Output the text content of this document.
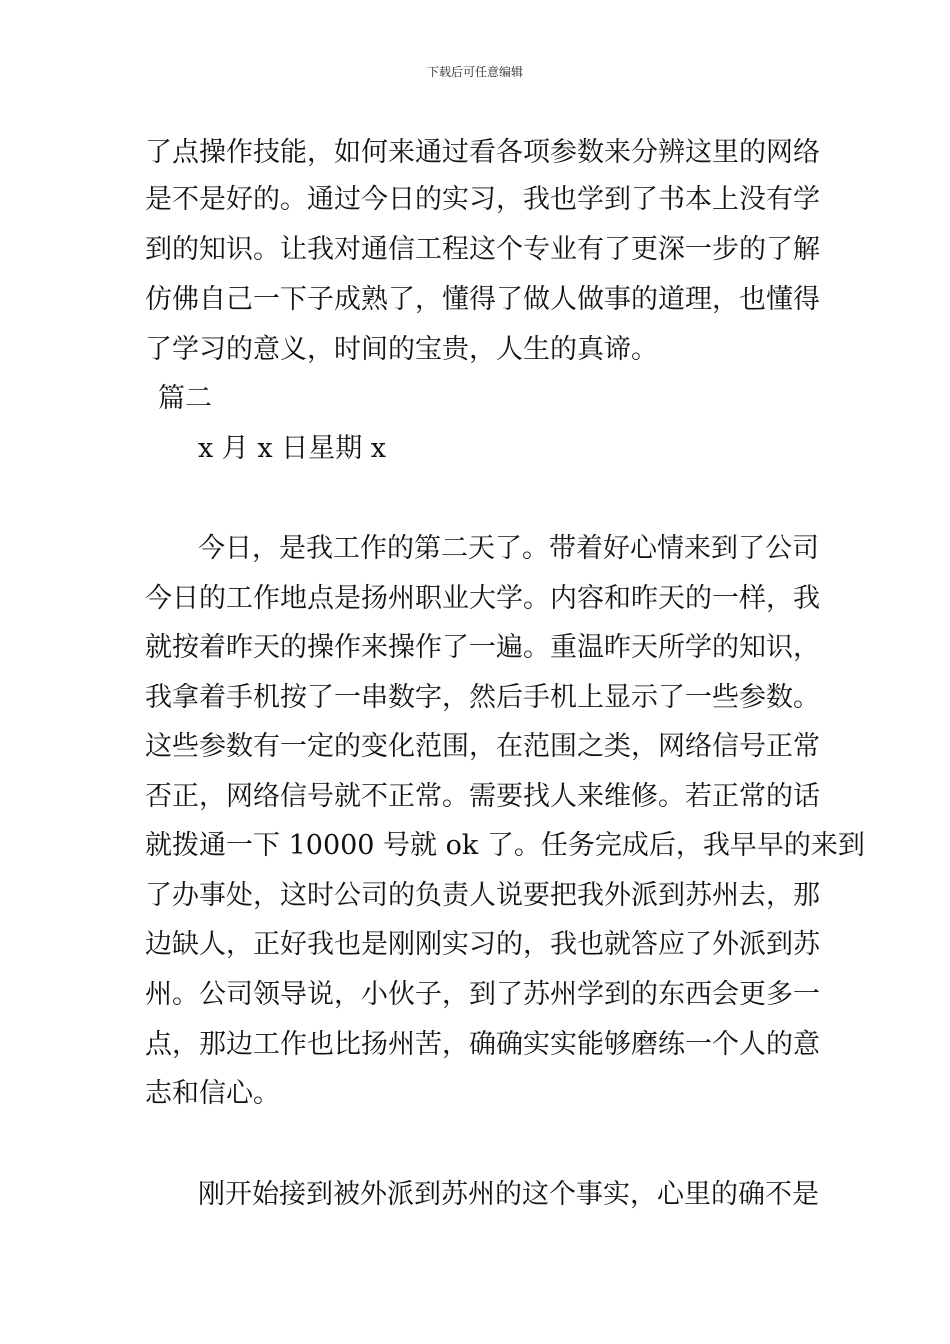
下载后可任意编辑
了点操作技能，如何来通过看各项参数来分辨这里的网络
是不是好的。通过今日的实习，我也学到了书本上没有学
到的知识。让我对通信工程这个专业有了更深一步的了解
仿佛自己一下子成熟了，懂得了做人做事的道理，也懂得
了学习的意义，时间的宝贵，人生的真谛。
篇二
x 月 x 日星期 x
今日，是我工作的第二天了。带着好心情来到了公司
今日的工作地点是扬州职业大学。内容和昨天的一样，我
就按着昨天的操作来操作了一遍。重温昨天所学的知识，
我拿着手机按了一串数字，然后手机上显示了一些参数。
这些参数有一定的变化范围，在范围之类，网络信号正常
否正，网络信号就不正常。需要找人来维修。若正常的话
就拨通一下 10000 号就 ok 了。任务完成后，我早早的来到
了办事处，这时公司的负责人说要把我外派到苏州去，那
边缺人，正好我也是刚刚实习的，我也就答应了外派到苏
州。公司领导说，小伙子，到了苏州学到的东西会更多一
点，那边工作也比扬州苦，确确实实能够磨练一个人的意
志和信心。
刚开始接到被外派到苏州的这个事实，心里的确不是
